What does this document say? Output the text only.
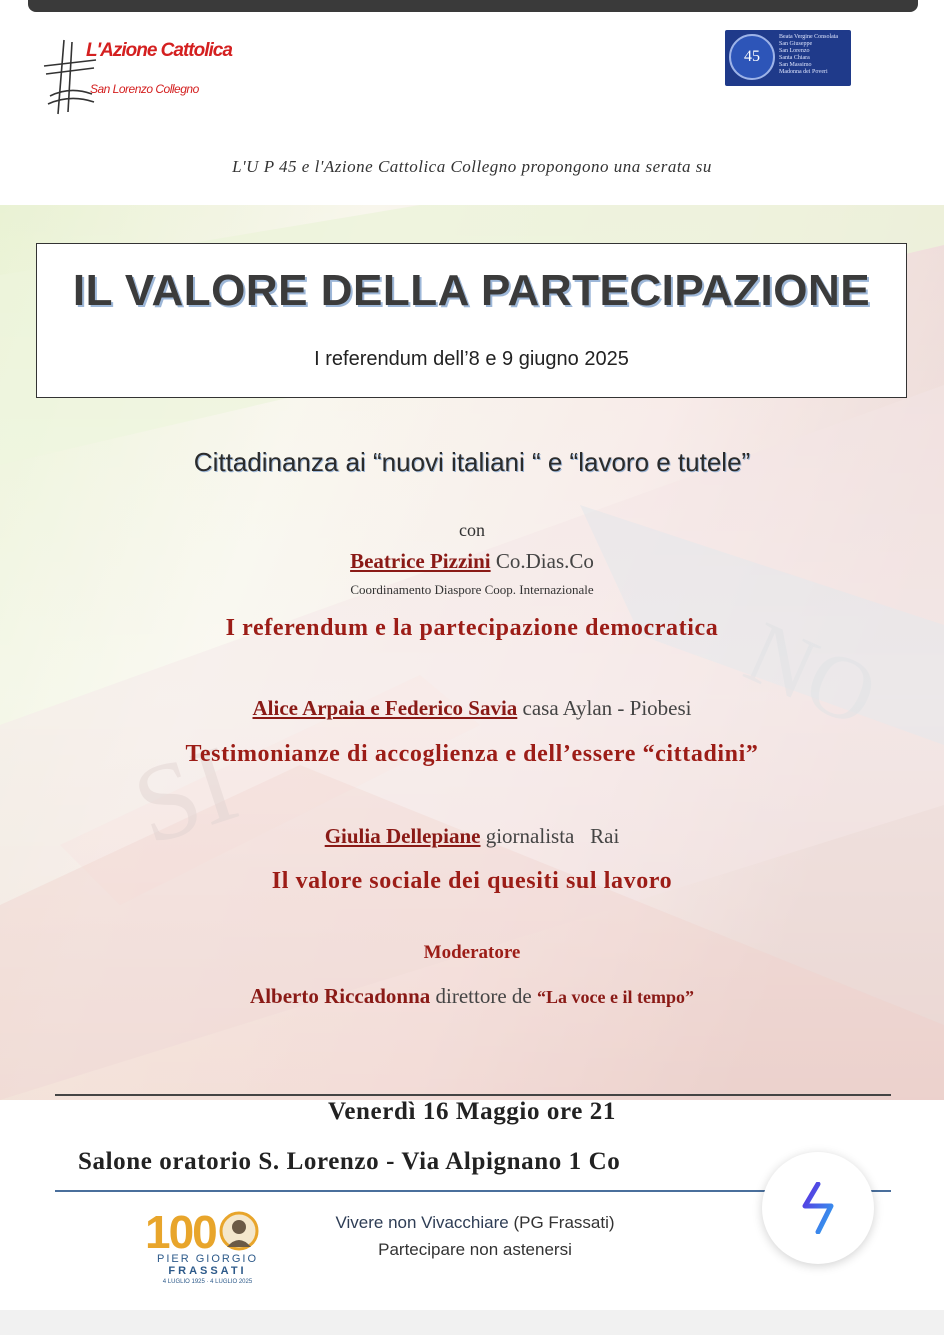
L'Azione Cattolica
San Lorenzo Collegno
45
Beata Vergine Consolata
San Giuseppe
San Lorenzo
Santa Chiara
San Massimo
Madonna dei Poveri
L'U P 45 e l'Azione Cattolica Collegno propongono una serata su
IL VALORE DELLA PARTECIPAZIONE
I referendum dell’8 e 9 giugno 2025
Cittadinanza ai “nuovi italiani “ e “lavoro e tutele”
con
Beatrice Pizzini Co.Dias.Co
Coordinamento Diaspore Coop. Internazionale
I referendum e la partecipazione democratica
Alice Arpaia e Federico Savia casa Aylan - Piobesi
Testimonianze di accoglienza e dell’essere “cittadini”
Giulia Dellepiane giornalista   Rai
Il valore sociale dei quesiti sul lavoro
Moderatore
Alberto Riccadonna direttore de “La voce e il tempo”
Venerdì 16 Maggio ore 21
Salone oratorio S. Lorenzo - Via Alpignano 1 Co
100
PIER GIORGIO
FRASSATI
4 LUGLIO 1925 · 4 LUGLIO 2025
Vivere non Vivacchiare (PG Frassati)
Partecipare non astenersi
